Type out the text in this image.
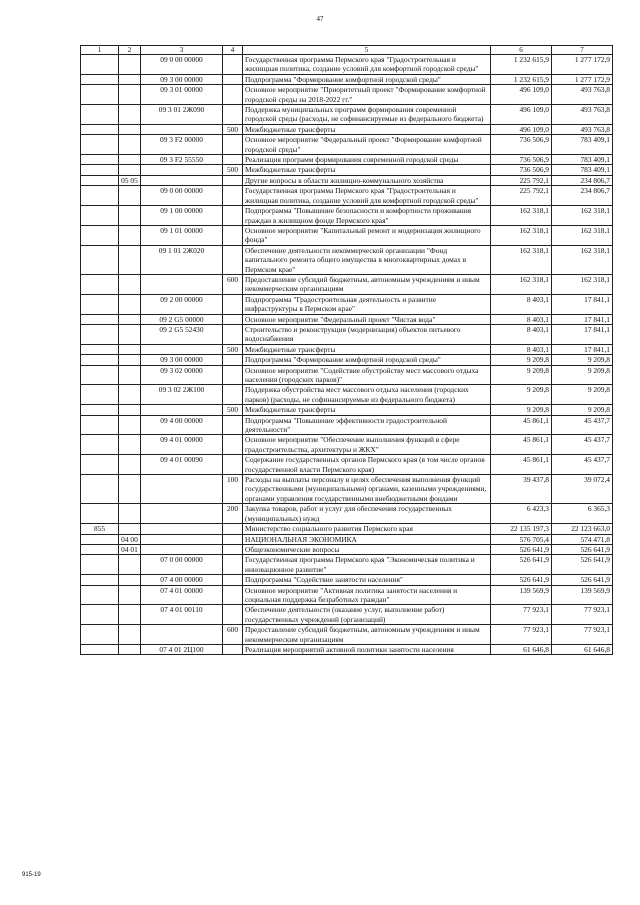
47
1	2	3	4	5	6	7
		09 0 00 00000		Государственная программа Пермского края "Градостроительная и жилищная политика, создание условий для комфортной городской среды"	1 232 615,9	1 277 172,9
		09 3 00 00000		Подпрограмма "Формирование комфортной городской среды"	1 232 615,9	1 277 172,9
		09 3 01 00000		Основное мероприятие "Приоритетный проект "Формирование комфортной городской среды на 2018-2022 гг."	496 109,0	493 763,8
		09 3 01 2Ж090		Поддержка муниципальных программ формирования современной городской среды (расходы, не софинансируемые из федерального бюджета)	496 109,0	493 763,8
			500	Межбюджетные трансферты	496 109,0	493 763,8
		09 3 F2 00000		Основное мероприятие "Федеральный проект "Формирование комфортной городской среды"	736 506,9	783 409,1
		09 3 F2 55550		Реализация программ формирования современной городской среды	736 506,9	783 409,1
			500	Межбюджетные трансферты	736 506,9	783 409,1
	05 05			Другие вопросы в области жилищно-коммунального хозяйства	225 792,1	234 806,7
		09 0 00 00000		Государственная программа Пермского края "Градостроительная и жилищная политика, создание условий для комфортной городской среды"	225 792,1	234 806,7
		09 1 00 00000		Подпрограмма "Повышение безопасности и комфортности проживания граждан в жилищном фонде Пермского края"	162 318,1	162 318,1
		09 1 01 00000		Основное мероприятие "Капитальный ремонт и модернизация жилищного фонда"	162 318,1	162 318,1
		09 1 01 2Ж020		Обеспечение деятельности некоммерческой организации "Фонд капитального ремонта общего имущества в многоквартирных домах в Пермском крае"	162 318,1	162 318,1
			600	Предоставление субсидий бюджетным, автономным учреждениям и иным некоммерческим организациям	162 318,1	162 318,1
		09 2 00 00000		Подпрограмма "Градостроительная деятельность и развитие инфраструктуры в Пермском крае"	8 403,1	17 841,1
		09 2 G5 00000		Основное мероприятие "Федеральный проект "Чистая вода"	8 403,1	17 841,1
		09 2 G5 52430		Строительство и реконструкция (модернизация) объектов питьевого водоснабжения	8 403,1	17 841,1
			500	Межбюджетные трансферты	8 403,1	17 841,1
		09 3 00 00000		Подпрограмма "Формирование комфортной городской среды"	9 209,8	9 209,8
		09 3 02 00000		Основное мероприятие "Содействие обустройству мест массового отдыха населения (городских парков)"	9 209,8	9 209,8
		09 3 02 2Ж100		Поддержка обустройства мест массового отдыха населения (городских парков) (расходы, не софинансируемые из федерального бюджета)	9 209,8	9 209,8
			500	Межбюджетные трансферты	9 209,8	9 209,8
		09 4 00 00000		Подпрограмма "Повышение эффективности градостроительной деятельности"	45 861,1	45 437,7
		09 4 01 00000		Основное мероприятие "Обеспечение выполнения функций в сфере градостроительства, архитектуры и ЖКХ"	45 861,1	45 437,7
		09 4 01 00090		Содержание государственных органов Пермского края (в том числе органов государственной власти Пермского края)	45 861,1	45 437,7
			100	Расходы на выплаты персоналу в целях обеспечения выполнения функций государственными (муниципальными) органами, казенными учреждениями, органами управления государственными внебюджетными фондами	39 437,8	39 072,4
			200	Закупка товаров, работ и услуг для обеспечения государственных (муниципальных) нужд	6 423,3	6 365,3
855				Министерство социального развития Пермского края	22 135 197,3	22 123 663,0
	04 00			НАЦИОНАЛЬНАЯ ЭКОНОМИКА	576 705,4	574 471,8
	04 01			Общеэкономические вопросы	526 641,9	526 641,9
		07 0 00 00000		Государственная программа Пермского края "Экономическая политика и инновационное развитие"	526 641,9	526 641,9
		07 4 00 00000		Подпрограмма "Содействие занятости населения"	526 641,9	526 641,9
		07 4 01 00000		Основное мероприятие "Активная политика занятости населения и социальная поддержка безработных граждан"	139 569,9	139 569,9
		07 4 01 00110		Обеспечение деятельности (оказание услуг, выполнение работ) государственных учреждений (организаций)	77 923,1	77 923,1
			600	Предоставление субсидий бюджетным, автономным учреждениям и иным некоммерческим организациям	77 923,1	77 923,1
		07 4 01 2Ц100		Реализация мероприятий активной политики занятости населения	61 646,8	61 646,8
915-19
